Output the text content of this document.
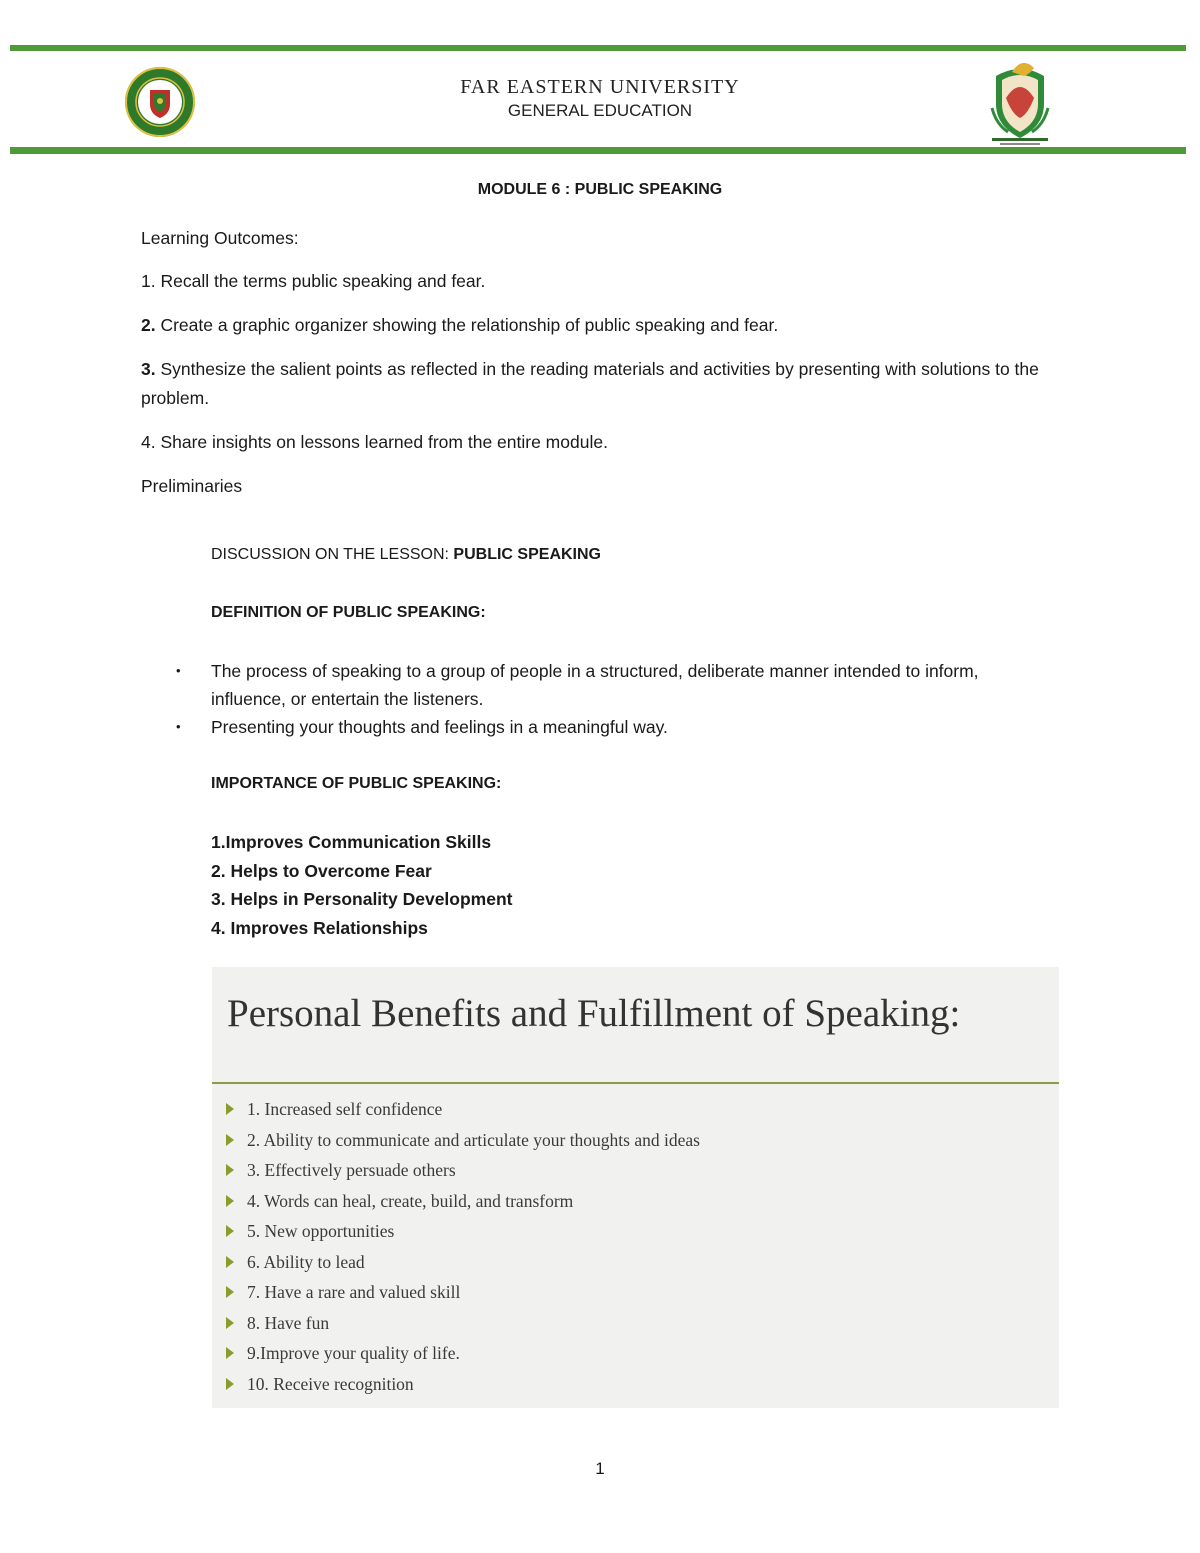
FAR EASTERN UNIVERSITY
GENERAL EDUCATION
MODULE 6 : PUBLIC SPEAKING
Learning Outcomes:
1. Recall the terms public speaking and fear.
2. Create a graphic organizer showing the relationship of public speaking and fear.
3. Synthesize the salient points as reflected in the reading materials and activities by presenting with solutions to the problem.
4. Share insights on lessons learned from the entire module.
Preliminaries
DISCUSSION ON THE LESSON: PUBLIC SPEAKING
DEFINITION OF PUBLIC SPEAKING:
• The process of speaking to a group of people in a structured, deliberate manner intended to inform, influence, or entertain the listeners.
• Presenting your thoughts and feelings in a meaningful way.
IMPORTANCE OF PUBLIC SPEAKING:
1.Improves Communication Skills
2. Helps to Overcome Fear
3. Helps in Personality Development
4. Improves Relationships
Personal Benefits and Fulfillment of Speaking:
1. Increased self confidence
2. Ability to communicate and articulate your thoughts and ideas
3. Effectively persuade others
4. Words can heal, create, build, and transform
5. New opportunities
6. Ability to lead
7. Have a rare and valued skill
8. Have fun
9.Improve your quality of life.
10. Receive recognition
1
